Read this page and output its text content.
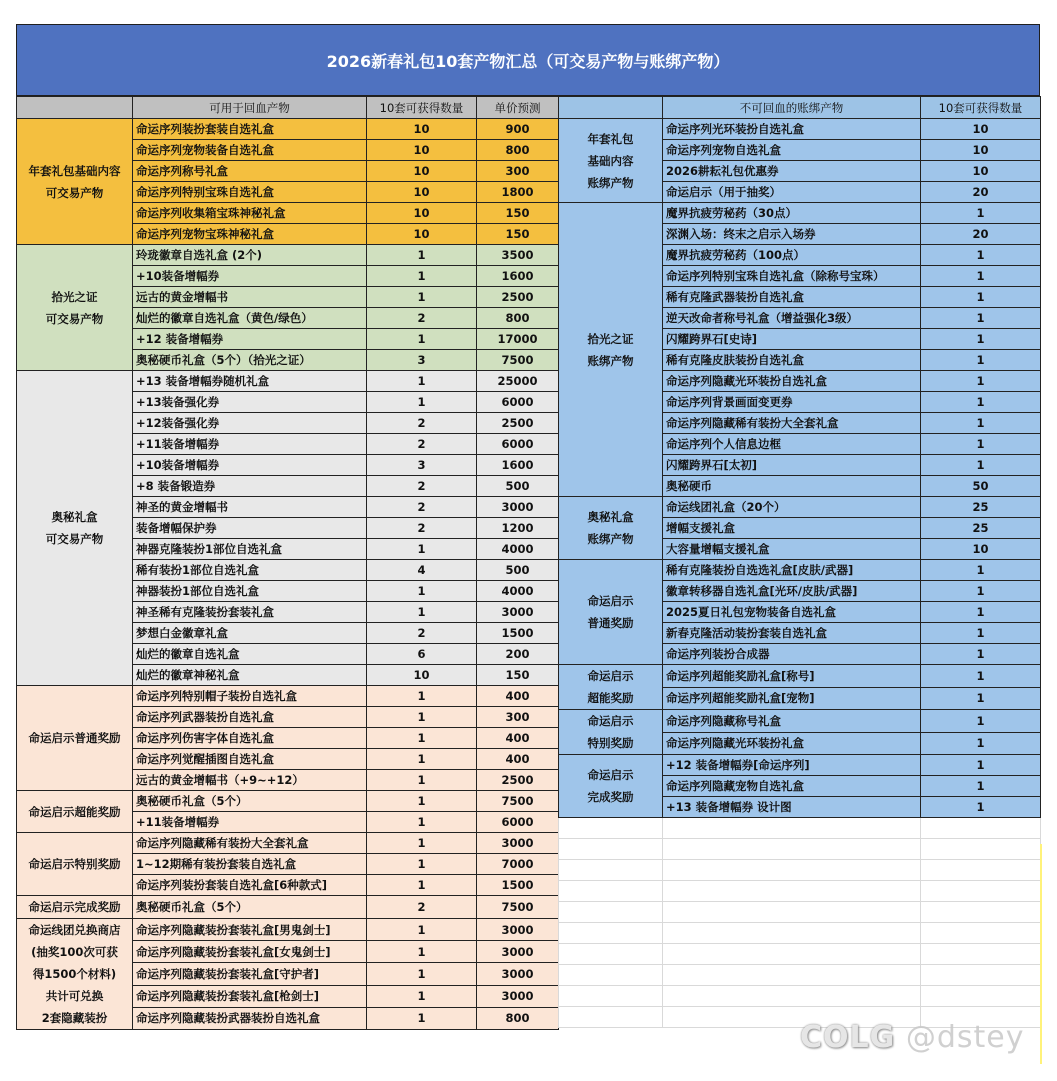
2026新春礼包10套产物汇总（可交易产物与账绑产物）
	可用于回血产物	10套可获得数量	单价预测
年套礼包基础内容
可交易产物	命运序列装扮套装自选礼盒	10	900
	命运序列宠物装备自选礼盒	10	800
	命运序列称号礼盒	10	300
	命运序列特别宝珠自选礼盒	10	1800
	命运序列收集箱宝珠神秘礼盒	10	150
	命运序列宠物宝珠神秘礼盒	10	150
拾光之证
可交易产物	玲珑徽章自选礼盒 (2个)	1	3500
	+10装备增幅券	1	1600
	远古的黄金增幅书	1	2500
	灿烂的徽章自选礼盒（黄色/绿色）	2	800
	+12 装备增幅券	1	17000
	奥秘硬币礼盒（5个）（拾光之证）	3	7500
奥秘礼盒
可交易产物	+13 装备增幅券随机礼盒	1	25000
	+13装备强化券	1	6000
	+12装备强化券	2	2500
	+11装备增幅券	2	6000
	+10装备增幅券	3	1600
	+8 装备锻造券	2	500
	神圣的黄金增幅书	2	3000
	装备增幅保护券	2	1200
	神器克隆装扮1部位自选礼盒	1	4000
	稀有装扮1部位自选礼盒	4	500
	神器装扮1部位自选礼盒	1	4000
	神圣稀有克隆装扮套装礼盒	1	3000
	梦想白金徽章礼盒	2	1500
	灿烂的徽章自选礼盒	6	200
	灿烂的徽章神秘礼盒	10	150
命运启示普通奖励	命运序列特别帽子装扮自选礼盒	1	400
	命运序列武器装扮自选礼盒	1	300
	命运序列伤害字体自选礼盒	1	400
	命运序列觉醒插图自选礼盒	1	400
	远古的黄金增幅书（+9~+12）	1	2500
命运启示超能奖励	奥秘硬币礼盒（5个）	1	7500
	+11装备增幅券	1	6000
命运启示特别奖励	命运序列隐藏稀有装扮大全套礼盒	1	3000
	1~12期稀有装扮套装自选礼盒	1	7000
	命运序列装扮套装自选礼盒[6种款式]	1	1500
命运启示完成奖励	奥秘硬币礼盒（5个）	2	7500
命运线团兑换商店
(抽奖100次可获
得1500个材料)
共计可兑换
2套隐藏装扮	命运序列隐藏装扮套装礼盒[男鬼剑士]	1	3000
	命运序列隐藏装扮套装礼盒[女鬼剑士]	1	3000
	命运序列隐藏装扮套装礼盒[守护者]	1	3000
	命运序列隐藏装扮套装礼盒[枪剑士]	1	3000
	命运序列隐藏装扮武器装扮自选礼盒	1	800
	不可回血的账绑产物	10套可获得数量
年套礼包
基础内容
账绑产物	命运序列光环装扮自选礼盒	10
	命运序列宠物自选礼盒	10
	2026耕耘礼包优惠券	10
	命运启示（用于抽奖）	20
拾光之证
账绑产物	魔界抗疲劳秘药（30点）	1
	深渊入场：终末之启示入场券	20
	魔界抗疲劳秘药（100点）	1
	命运序列特别宝珠自选礼盒（除称号宝珠）	1
	稀有克隆武器装扮自选礼盒	1
	逆天改命者称号礼盒（增益强化3级）	1
	闪耀跨界石[史诗]	1
	稀有克隆皮肤装扮自选礼盒	1
	命运序列隐藏光环装扮自选礼盒	1
	命运序列背景画面变更券	1
	命运序列隐藏稀有装扮大全套礼盒	1
	命运序列个人信息边框	1
	闪耀跨界石[太初]	1
	奥秘硬币	50
奥秘礼盒
账绑产物	命运线团礼盒（20个）	25
	增幅支援礼盒	25
	大容量增幅支援礼盒	10
命运启示
普通奖励	稀有克隆装扮自选选礼盒[皮肤/武器]	1
	徽章转移器自选礼盒[光环/皮肤/武器]	1
	2025夏日礼包宠物装备自选礼盒	1
	新春克隆活动装扮套装自选礼盒	1
	命运序列装扮合成器	1
命运启示
超能奖励	命运序列超能奖励礼盒[称号]	1
	命运序列超能奖励礼盒[宠物]	1
命运启示
特别奖励	命运序列隐藏称号礼盒	1
	命运序列隐藏光环装扮礼盒	1
命运启示
完成奖励	+12 装备增幅券[命运序列]	1
	命运序列隐藏宠物自选礼盒	1
	+13 装备增幅券 设计图	1

COLG @dstey
